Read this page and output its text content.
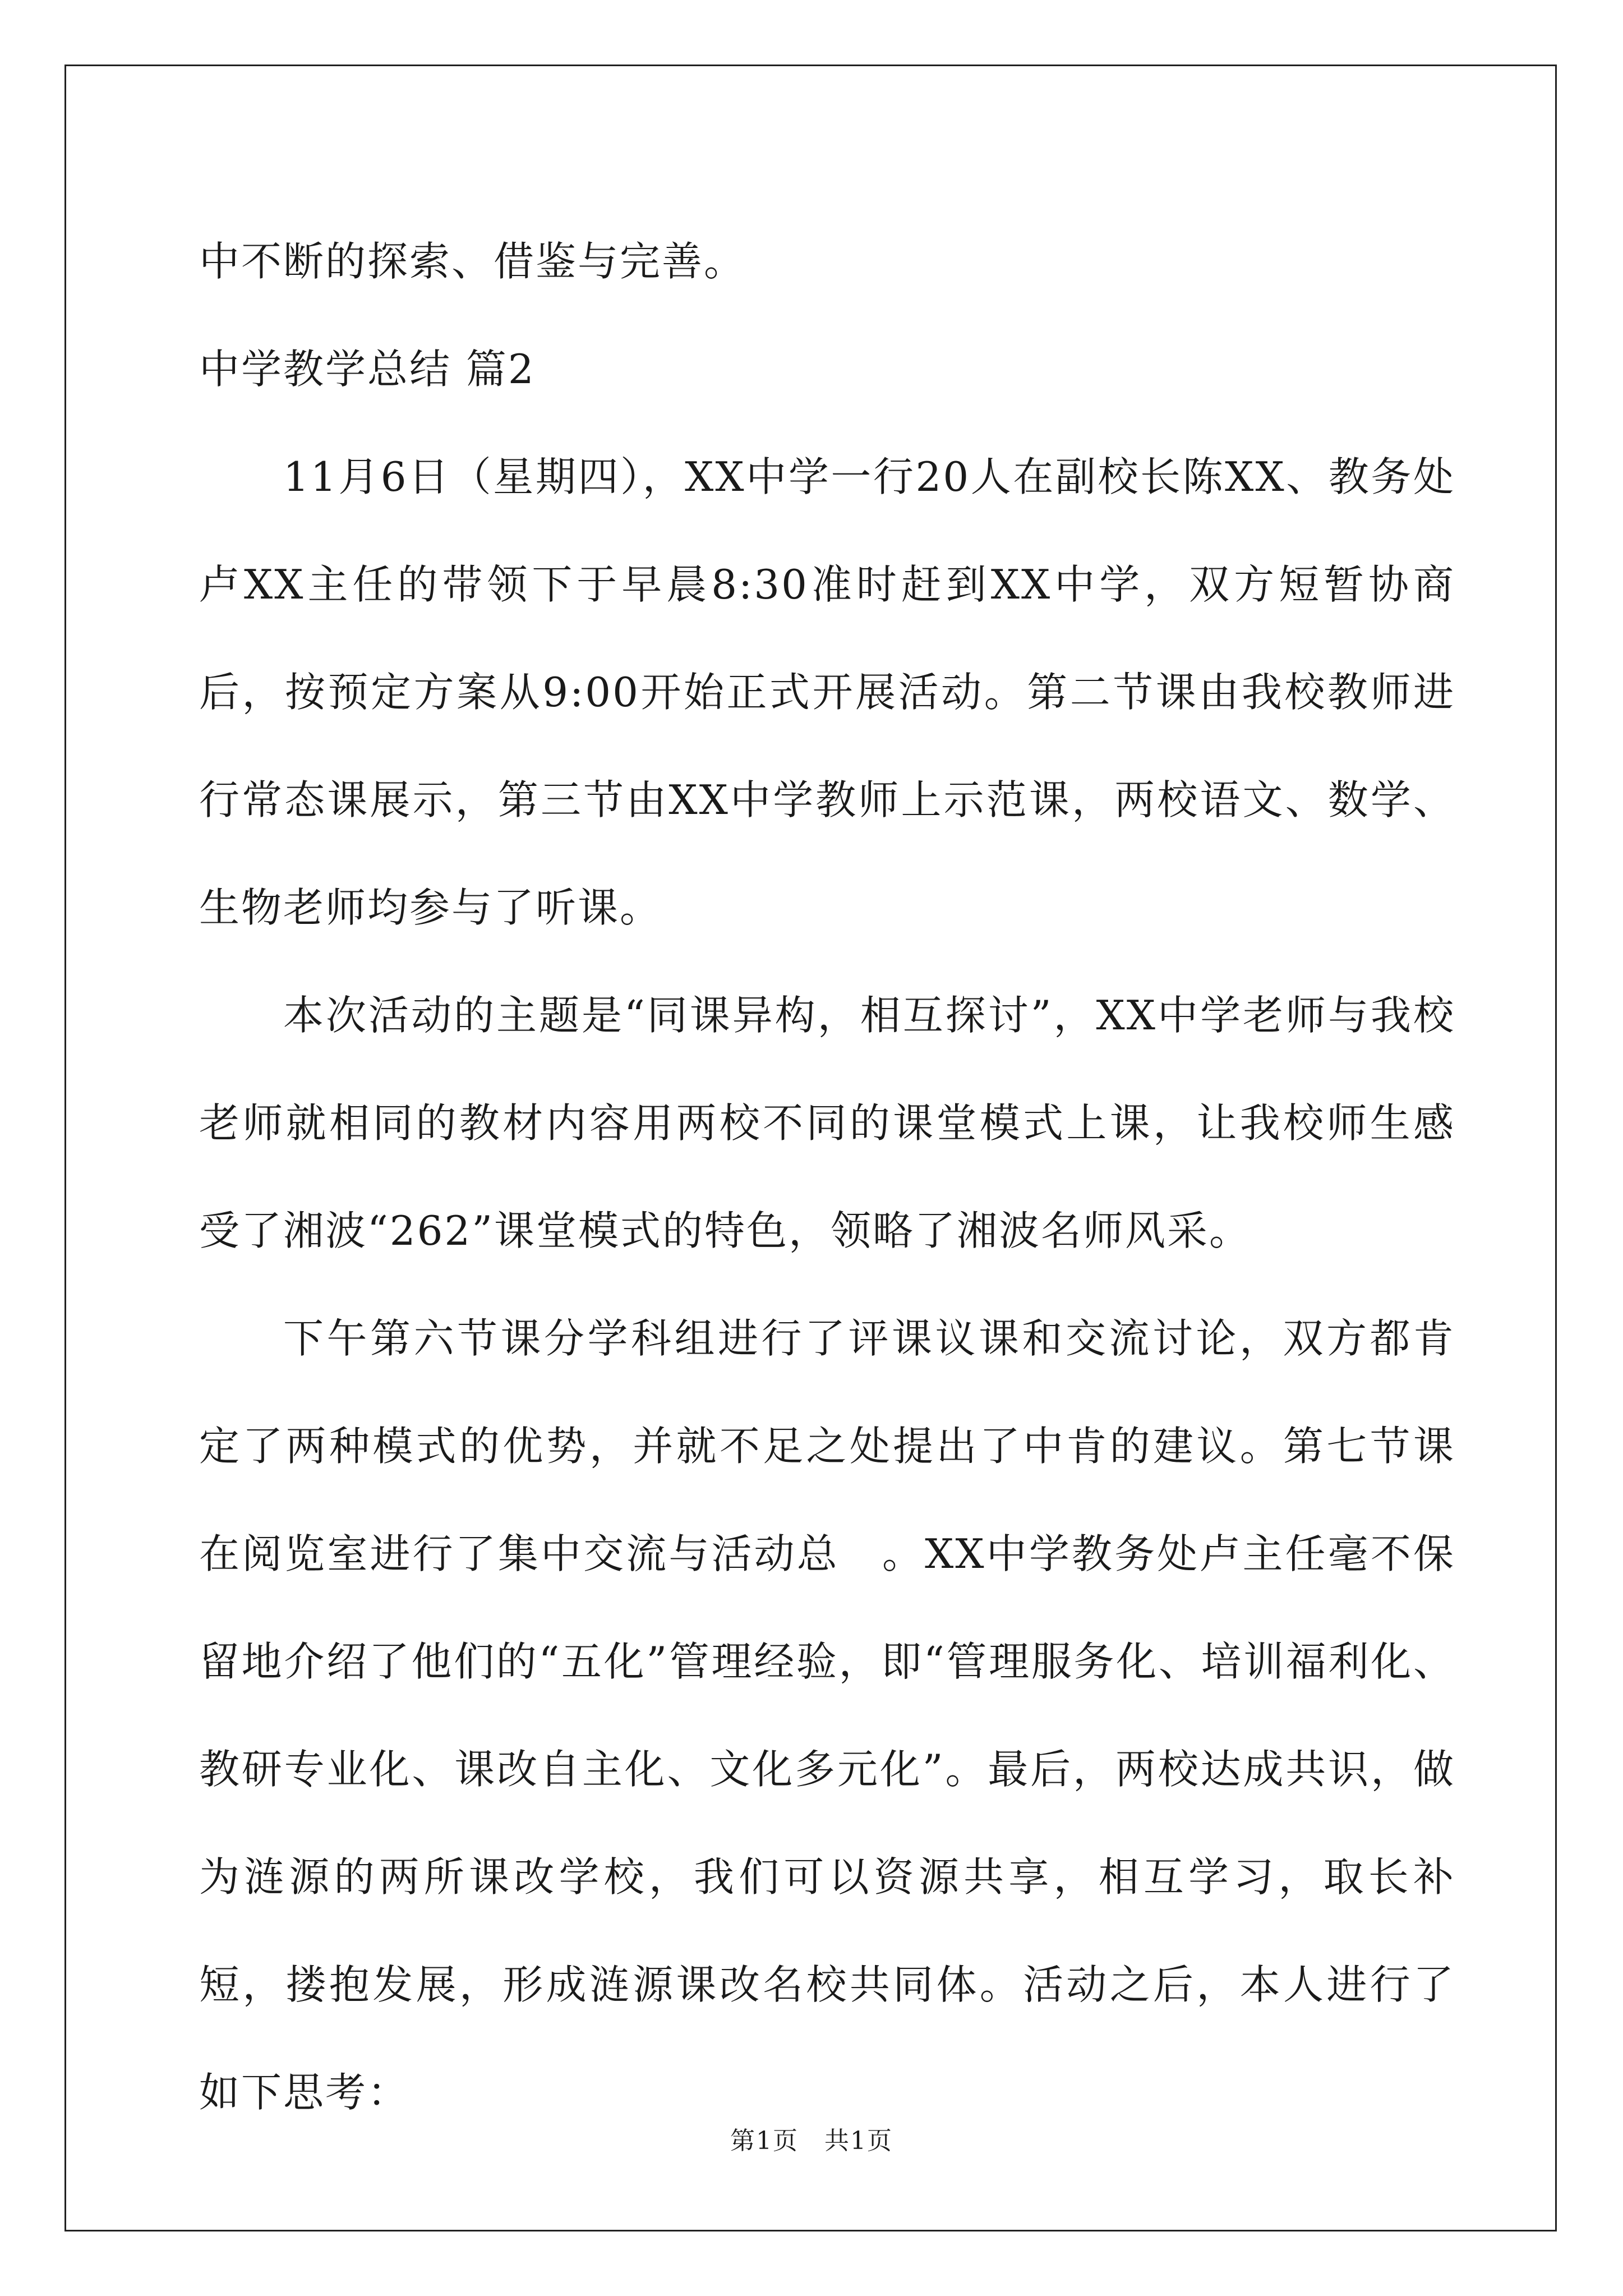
中不断的探索、借鉴与完善。
中学教学总结 篇2
11月6日（星期四），XX中学一行20人在副校长陈XX、教务处卢XX主任的带领下于早晨8:30准时赶到XX中学，双方短暂协商后，按预定方案从9:00开始正式开展活动。第二节课由我校教师进行常态课展示，第三节由XX中学教师上示范课，两校语文、数学、生物老师均参与了听课。
本次活动的主题是“同课异构，相互探讨”，XX中学老师与我校老师就相同的教材内容用两校不同的课堂模式上课，让我校师生感受了湘波“262”课堂模式的特色，领略了湘波名师风采。
下午第六节课分学科组进行了评课议课和交流讨论，双方都肯定了两种模式的优势，并就不足之处提出了中肯的建议。第七节课在阅览室进行了集中交流与活动总　。XX中学教务处卢主任毫不保留地介绍了他们的“五化”管理经验，即“管理服务化、培训福利化、教研专业化、课改自主化、文化多元化”。最后，两校达成共识，做为涟源的两所课改学校，我们可以资源共享，相互学习，取长补短，搂抱发展，形成涟源课改名校共同体。活动之后，本人进行了如下思考：
第1页　共1页
